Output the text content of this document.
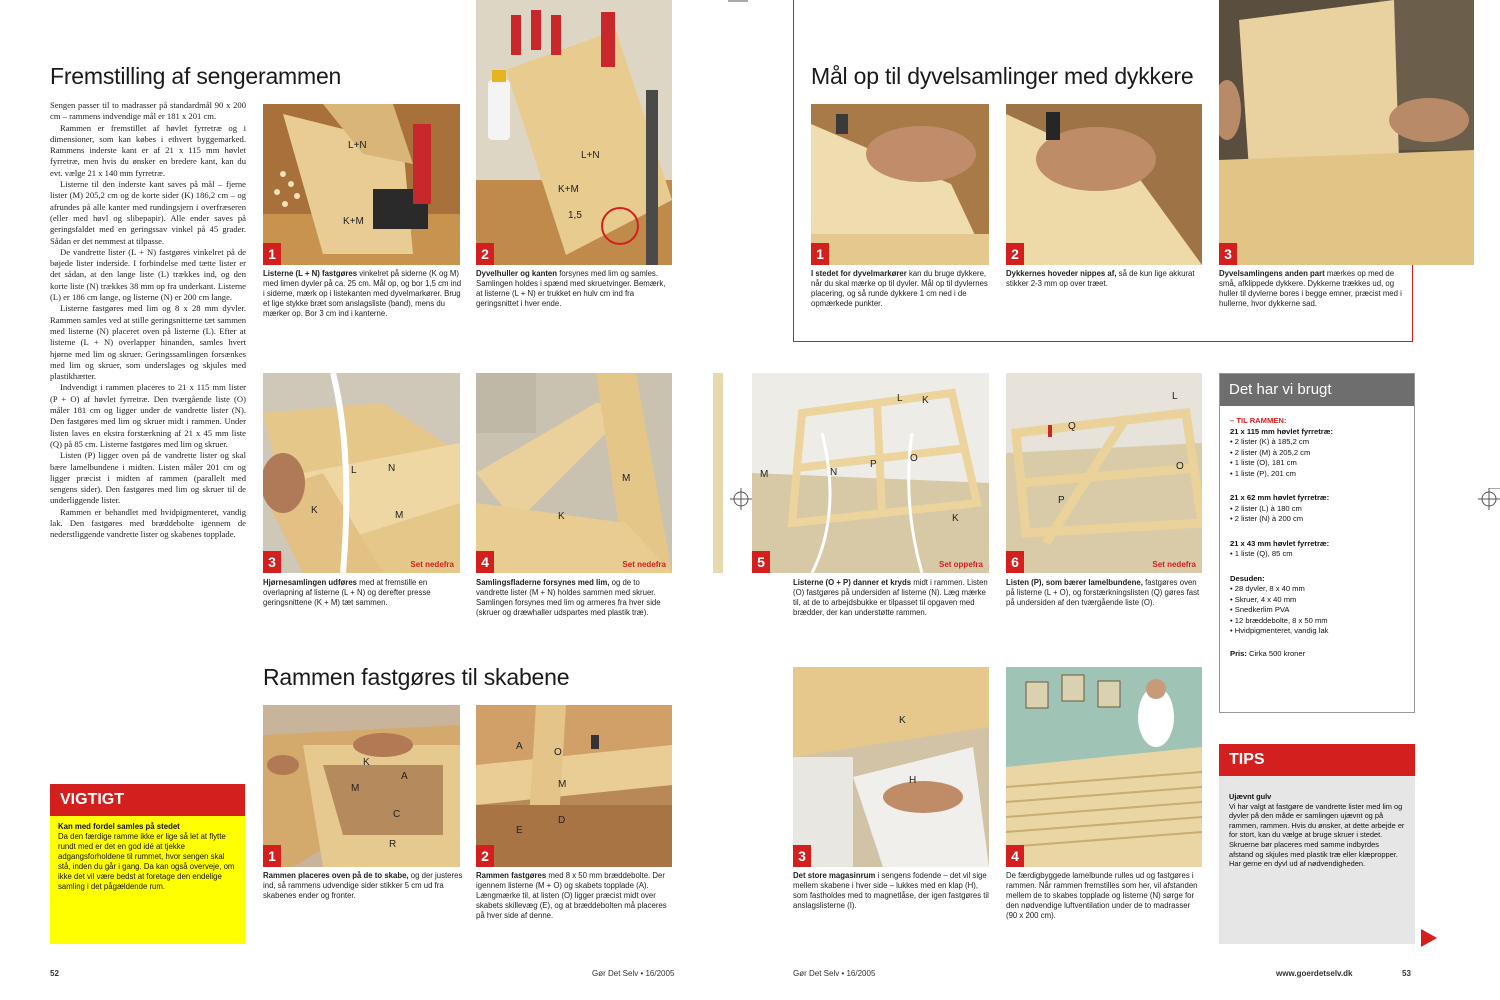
Fremstilling af sengerammen

Sengen passer til to madrasser på standardmål 90 x 200 cm – rammens indvendige mål er 181 x 201 cm.

Rammen er fremstillet af høvlet fyrretræ og i dimensioner, som kan købes i ethvert byggemarked. Rammens inderste kant er af 21 x 115 mm høvlet fyrretræ, men hvis du ønsker en bredere kant, kan du evt. vælge 21 x 140 mm fyrretræ.

Listerne til den inderste kant saves på mål – fjerne lister (M) 205,2 cm og de korte sider (K) 186,2 cm – og afrundes på alle kanter med rundingsjern i overfræseren (eller med høvl og slibepapir). Alle ender saves på geringsfaldet med en geringssav vinkel på 45 grader. Sådan er det nemmest at tilpasse.

De vandrette lister (L + N) fastgøres vinkelret på de bøjede lister inderside. I forbindelse med tætte lister er det sådan, at den lange liste (L) trækkes ind, og den korte liste (N) trækkes 38 mm op fra underkant. Listerne (L) er 186 cm lange, og listerne (N) er 200 cm lange.

Listerne fastgøres med lim og 8 x 28 mm dyvler. Rammen samles ved at stille geringsnitterne tæt sammen med listerne (N) placeret oven på listerne (L). Efter at listerne (L + N) overlapper hinanden, samles hvert hjørne med lim og skruer. Geringssamlingen forsænkes med lim og skruer, som underslages og skjules med plastikhætter.

Indvendigt i rammen placeres to 21 x 115 mm lister (P + O) af høvlet fyrretræ. Den tværgående liste (O) måler 181 cm og ligger under de vandrette lister (N). Den fastgøres med lim og skruer midt i rammen. Under listen laves en ekstra forstærkning af 21 x 45 mm liste (Q) på 85 cm. Listerne fastgøres med lim og skruer.

Listen (P) ligger oven på de vandrette lister og skal bære lamelbundene i midten. Listen måler 201 cm og ligger præcist i midten af rammen (parallelt med sengens sider). Den fastgøres med lim og skruer til de underliggende lister.

Rammen er behandlet med hvidpigmenteret, vandig lak. Den fastgøres med bræddebolte igennem de nederstliggende vandrette lister og skabenes topplade.

VIGTIGT
Kan med fordel samles på stedet
Da den færdige ramme ikke er lige så let at flytte rundt med er det en god idé at tjekke adgangsforholdene til rummet, hvor sengen skal stå, inden du går i gang. Da kan også overveje, om ikke det vil være bedst at foretage den endelige samling i det pågældende rum.
L+N
K+M
1
Listerne (L + N) fastgøres vinkelret på siderne (K og M) med limen dyvler på ca. 25 cm. Mål op, og bor 1,5 cm ind i siderne, mærk op i listekanten med dyvelmarkører. Brug et lige stykke bræt som anslagsliste (band), mens du mærker op. Bor 3 cm ind i kanterne.
L+N
K+M
1,5
2
Dyvelhuller og kanten forsynes med lim og samles. Samlingen holdes i spænd med skruetvinger. Bemærk, at listerne (L + N) er trukket en hulv cm ind fra geringsnittet i hver ende.
L	N
M
K
3	Set nedefra
Hjørnesamlingen udføres med at fremstille en overlapning af listerne (L + N) og derefter presse geringsnittene (K + M) tæt sammen.
M
K
4	Set nedefra
Samlingsfladerne forsynes med lim, og de to vandrette lister (M + N) holdes sammen med skruer. Samlingen forsynes med lim og armeres fra hver side (skruer og dræwhaller udspartes med plastik træ).
Rammen fastgøres til skabene
K
M
A
C
R
1
Rammen placeres oven på de to skabe, og der justeres ind, så rammens udvendige sider stikker 5 cm ud fra skabenes ender og fronter.
A
O
M
E
D
2
Rammen fastgøres med 8 x 50 mm bræddebolte. Der igennem listerne (M + O) og skabets topplade (A). Længmærke til, at listen (O) ligger præcist midt over skabets skillevæg (E), og at bræddebolten må placeres på hver side af denne.
52	Gør Det Selv • 16/2005
Mål op til dyvelsamlinger med dykkere
1
I stedet for dyvelmarkører kan du bruge dykkere, når du skal mærke op til dyvler. Mål op til dyvlernes placering, og så runde dykkere 1 cm ned i de opmærkede punkter.
2
Dykkernes hoveder nippes af, så de kun lige akkurat stikker 2-3 mm op over træet.
3
Dyvelsamlingens anden part mærkes op med de små, afklippede dykkere. Dykkerne trækkes ud, og huller til dyvlerne bores i begge emner, præcist med i hullerne, hvor dykkerne sad.
L K
O
M	N
P
K
5	Set oppefra
Listerne (O + P) danner et kryds midt i rammen. Listen (O) fastgøres på undersiden af listerne (N). Læg mærke til, at de to arbejdsbukke er tilpasset til opgaven med brædder, der kan understøtte rammen.
L
Q
O
P
6	Set nedefra
Listen (P), som bærer lamelbundene, fastgøres oven på listerne (L + O), og forstærkningslisten (Q) gøres fast på undersiden af den tværgående liste (O).
K
H
3
Det store magasinrum i sengens fodende – det vil sige mellem skabene i hver side – lukkes med en klap (H), som fastholdes med to magnetlåse, der igen fastgøres til anslagslisterne (I).
4
De færdigbyggede lamelbunde rulles ud og fastgøres i rammen. Når rammen fremstilles som her, vil afstanden mellem de to skabes topplade og listerne (N) sørge for den nødvendige luftventilation under de to madrasser (90 x 200 cm).
Det har vi brugt
– TIL RAMMEN:
21 x 115 mm høvlet fyrretræ:
• 2 lister (K) à 185,2 cm
• 2 lister (M) à 205,2 cm
• 1 liste (O), 181 cm
• 1 liste (P), 201 cm
21 x 62 mm høvlet fyrretræ:
• 2 lister (L) à 180 cm
• 2 lister (N) à 200 cm
21 x 43 mm høvlet fyrretræ:
• 1 liste (Q), 85 cm
Desuden:
• 28 dyvler, 8 x 40 mm
• Skruer, 4 x 40 mm
• Snedkerlim PVA
• 12 bræddebolte, 8 x 50 mm
• Hvidpigmenteret, vandig lak
Pris: Cirka 500 kroner
TIPS
Ujævnt gulv
Vi har valgt at fastgøre de vandrette lister med lim og dyvler på den måde er samlingen ujævnt og på rammen, rammen. Hvis du ønsker, at dette arbejde er for stort, kan du vælge at bruge skruer i stedet. Skruerne bør placeres med samme indbyrdes afstand og skjules med plastik træ eller klæpropper. Har gerne en dyvl ud af nødvendigheden.
Gør Det Selv • 16/2005	www.goerdetselv.dk	53
